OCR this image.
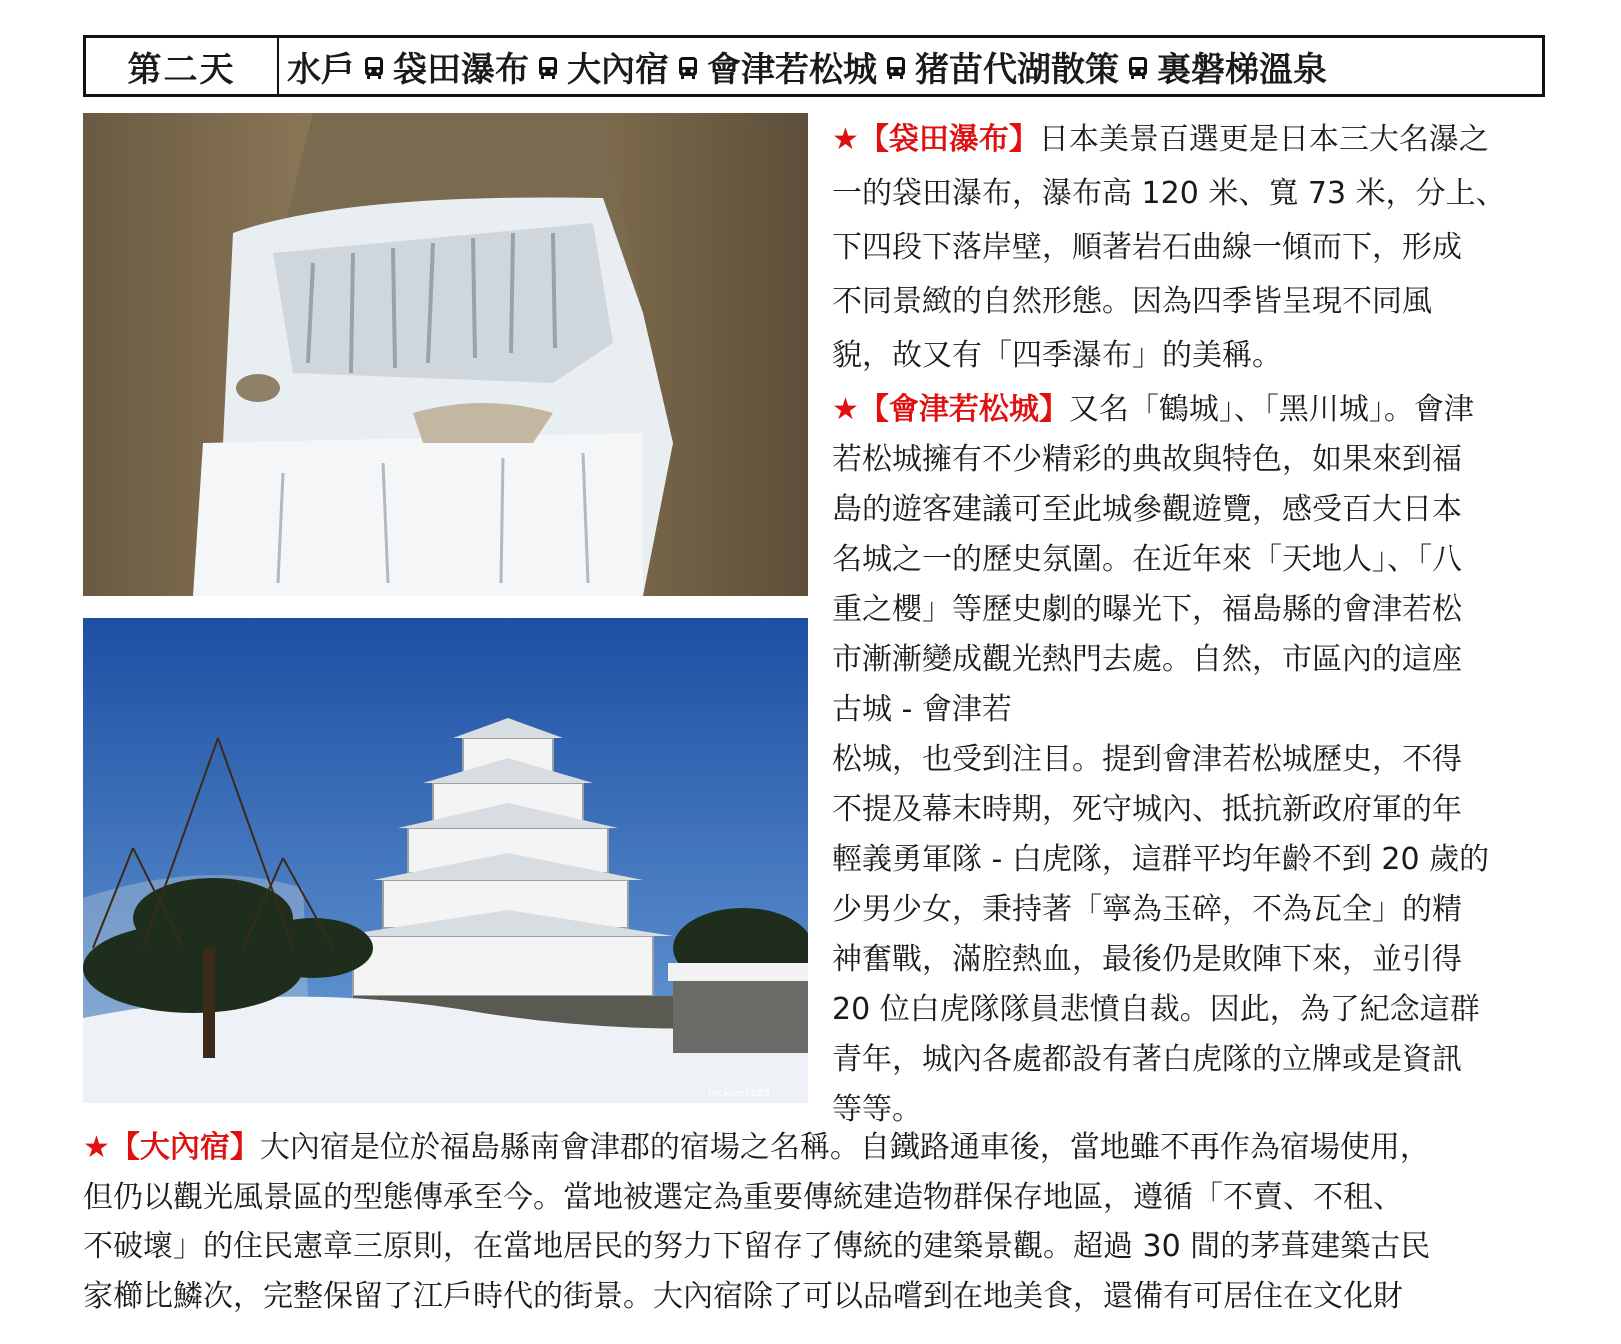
第二天	水戶 袋田瀑布 大內宿 會津若松城 猪苗代湖散策 裏磐梯溫泉
rocklee1088

★【袋田瀑布】日本美景百選更是日本三大名瀑之
一的袋田瀑布，瀑布高 120 米、寬 73 米，分上、
下四段下落岸壁，順著岩石曲線一傾而下，形成
不同景緻的自然形態。因為四季皆呈現不同風
貌，故又有「四季瀑布」的美稱。

★【會津若松城】又名「鶴城」、「黑川城」。會津
若松城擁有不少精彩的典故與特色，如果來到福
島的遊客建議可至此城參觀遊覽，感受百大日本
名城之一的歷史氛圍。在近年來「天地人」、「八
重之櫻」等歷史劇的曝光下，福島縣的會津若松
市漸漸變成觀光熱門去處。自然，市區內的這座
古城 - 會津若
松城，也受到注目。提到會津若松城歷史，不得
不提及幕末時期，死守城內、抵抗新政府軍的年
輕義勇軍隊 - 白虎隊，這群平均年齡不到 20 歲的
少男少女，秉持著「寧為玉碎，不為瓦全」的精
神奮戰，滿腔熱血，最後仍是敗陣下來，並引得
20 位白虎隊隊員悲憤自裁。因此，為了紀念這群
青年，城內各處都設有著白虎隊的立牌或是資訊
等等。

★【大內宿】大內宿是位於福島縣南會津郡的宿場之名稱。自鐵路通車後，當地雖不再作為宿場使用，
但仍以觀光風景區的型態傳承至今。當地被選定為重要傳統建造物群保存地區，遵循「不賣、不租、
不破壞」的住民憲章三原則，在當地居民的努力下留存了傳統的建築景觀。超過 30 間的茅葺建築古民
家櫛比鱗次，完整保留了江戶時代的街景。大內宿除了可以品嚐到在地美食，還備有可居住在文化財
